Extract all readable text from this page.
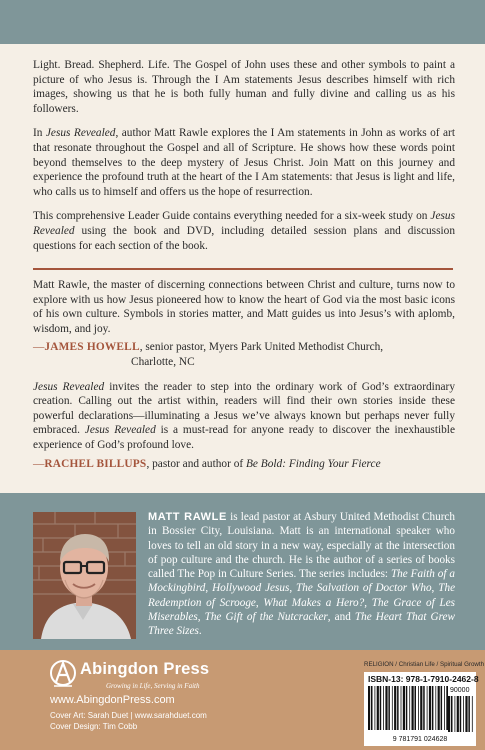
Light. Bread. Shepherd. Life. The Gospel of John uses these and other symbols to paint a picture of who Jesus is. Through the I Am statements Jesus describes himself with rich images, showing us that he is both fully human and fully divine and calling us as his followers.

In Jesus Revealed, author Matt Rawle explores the I Am statements in John as works of art that resonate throughout the Gospel and all of Scripture. He shows how these words point beyond themselves to the deep mystery of Jesus Christ. Join Matt on this journey and experience the profound truth at the heart of the I Am statements: that Jesus is light and life, who calls us to himself and offers us the hope of resurrection.

This comprehensive Leader Guide contains everything needed for a six-week study on Jesus Revealed using the book and DVD, including detailed session plans and discussion questions for each section of the book.

Matt Rawle, the master of discerning connections between Christ and culture, turns now to explore with us how Jesus pioneered how to know the heart of God via the most basic icons of his own culture. Symbols in stories matter, and Matt guides us into Jesus’s with aplomb, wisdom, and joy.

—JAMES HOWELL, senior pastor, Myers Park United Methodist Church,
Charlotte, NC

Jesus Revealed invites the reader to step into the ordinary work of God’s extraordinary creation. Calling out the artist within, readers will find their own stories inside these powerful declarations—illuminating a Jesus we’ve always known but perhaps never fully embraced. Jesus Revealed is a must-read for anyone ready to discover the inexhaustible experience of God’s profound love.

—RACHEL BILLUPS, pastor and author of Be Bold: Finding Your Fierce
MATT RAWLE is lead pastor at Asbury United Methodist Church in Bossier City, Louisiana. Matt is an international speaker who loves to tell an old story in a new way, especially at the intersection of pop culture and the church. He is the author of a series of books called The Pop in Culture Series. The series includes: The Faith of a Mockingbird, Hollywood Jesus, The Salvation of Doctor Who, The Redemption of Scrooge, What Makes a Hero?, The Grace of Les Miserables, The Gift of the Nutcracker, and The Heart That Grew Three Sizes.
Abingdon Press
Growing in Life, Serving in Faith
www.AbingdonPress.com
Cover Art: Sarah Duet | www.sarahduet.com
Cover Design: Tim Cobb
RELIGION / Christian Life / Spiritual Growth
ISBN-13: 978-1-7910-2462-8
90000
9 781791 024628
